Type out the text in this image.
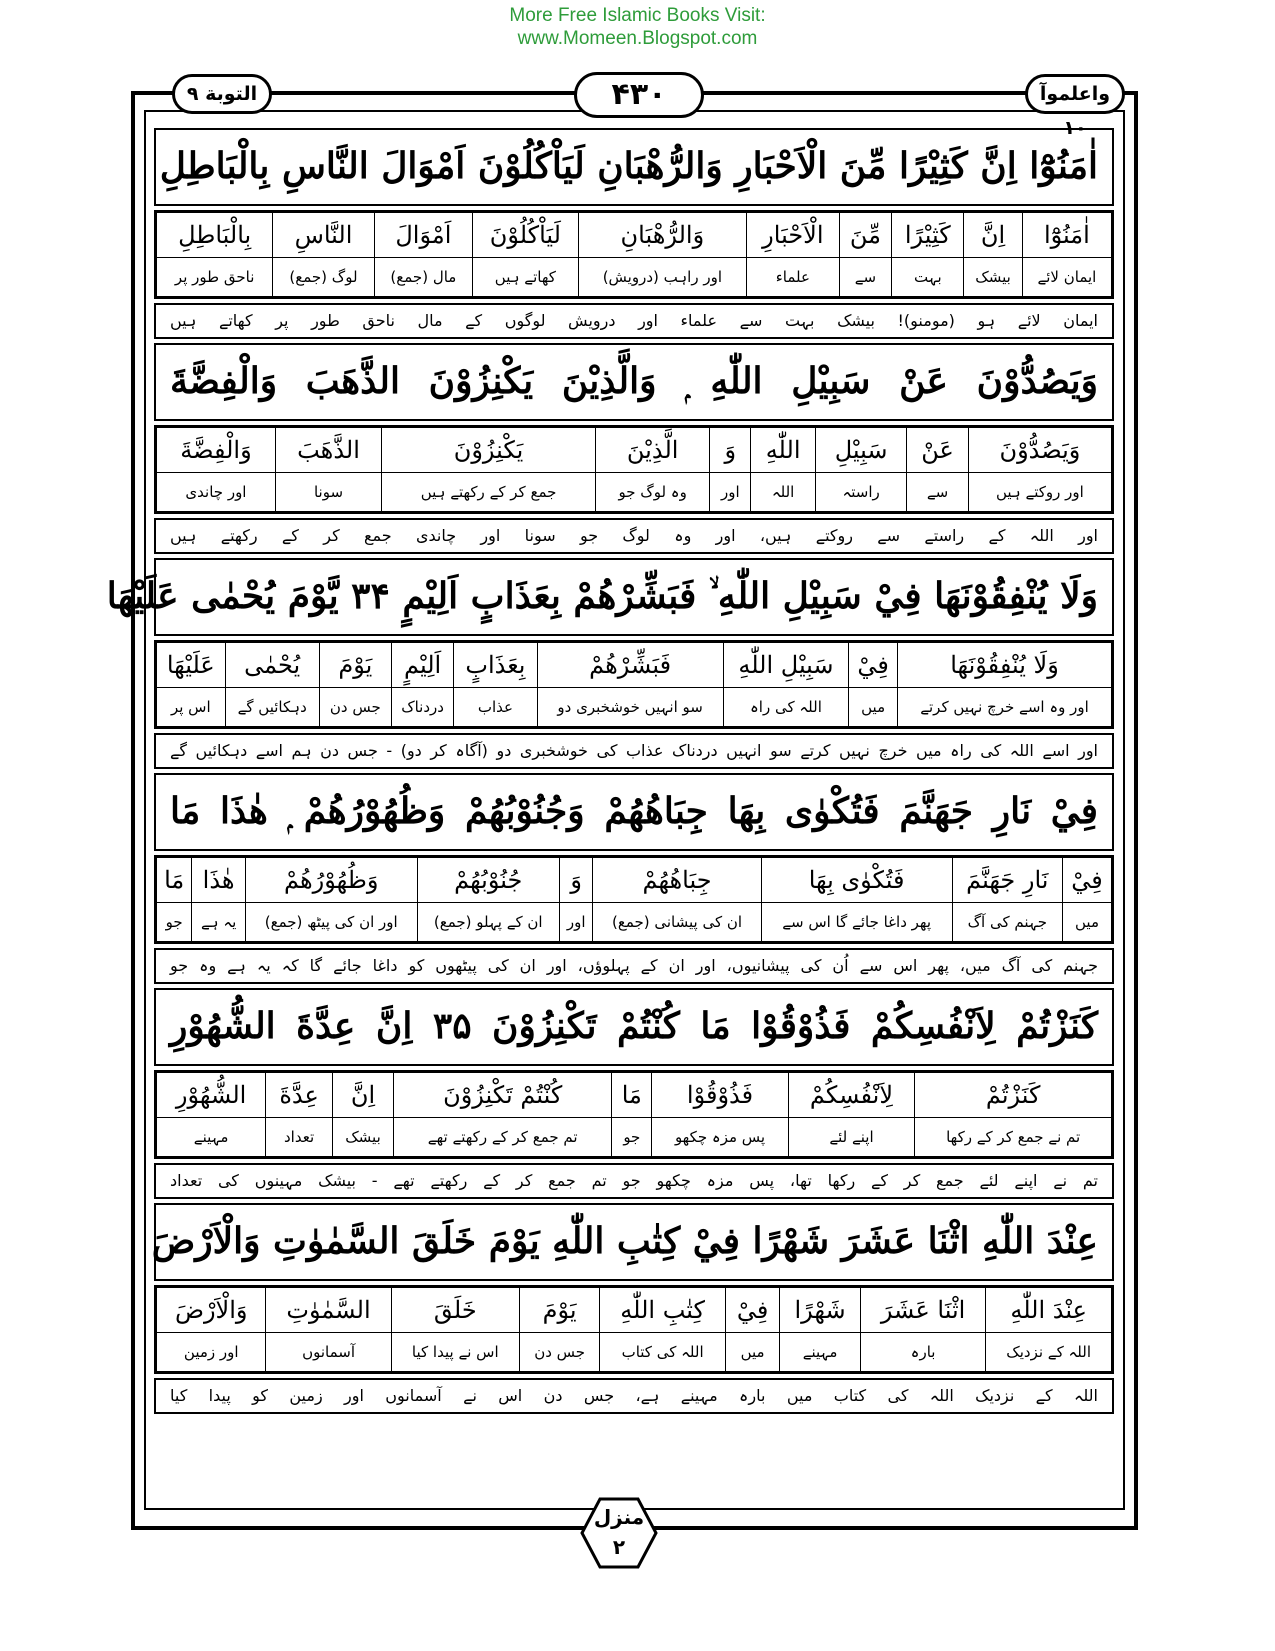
More Free Islamic Books Visit:
www.Momeen.Blogspot.com
التوبة ۹	۴۳۰	واعلموآ ۱۰
اٰمَنُوْٓا اِنَّ كَثِيْرًا مِّنَ الْاَحْبَارِ وَالرُّهْبَانِ لَيَاْكُلُوْنَ اَمْوَالَ النَّاسِ بِالْبَاطِلِ
اٰمَنُوْٓا	اِنَّ	كَثِيْرًا	مِّنَ	الْاَحْبَارِ	وَالرُّهْبَانِ	لَيَاْكُلُوْنَ	اَمْوَالَ	النَّاسِ	بِالْبَاطِلِ
ایمان لائے	بیشک	بہت	سے	علماء	اور راہب (درویش)	کھاتے ہیں	مال (جمع)	لوگ (جمع)	ناحق طور پر
ایمان لائے ہو (مومنو)! بیشک بہت سے علماء اور درویش لوگوں کے مال ناحق طور پر کھاتے ہیں
وَيَصُدُّوْنَ عَنْ سَبِيْلِ اللّٰهِ ۭ وَالَّذِيْنَ يَكْنِزُوْنَ الذَّهَبَ وَالْفِضَّةَ
وَيَصُدُّوْنَ	عَنْ	سَبِيْلِ	اللّٰهِ	وَ	الَّذِيْنَ	يَكْنِزُوْنَ	الذَّهَبَ	وَالْفِضَّةَ
اور روکتے ہیں	سے	راستہ	اللہ	اور	وہ لوگ جو	جمع کر کے رکھتے ہیں	سونا	اور چاندی
اور اللہ کے راستے سے روکتے ہیں، اور وہ لوگ جو سونا اور چاندی جمع کر کے رکھتے ہیں
وَلَا يُنْفِقُوْنَهَا فِيْ سَبِيْلِ اللّٰهِ ۙ فَبَشِّرْهُمْ بِعَذَابٍ اَلِيْمٍ ۳۴ يَّوْمَ يُحْمٰى عَلَيْهَا
وَلَا يُنْفِقُوْنَهَا	فِيْ	سَبِيْلِ اللّٰهِ	فَبَشِّرْهُمْ	بِعَذَابٍ	اَلِيْمٍ	يَوْمَ	يُحْمٰى	عَلَيْهَا
اور وہ اسے خرچ نہیں کرتے	میں	اللہ کی راہ	سو انہیں خوشخبری دو	عذاب	دردناک	جس دن	دہکائیں گے	اس پر
اور اسے اللہ کی راہ میں خرچ نہیں کرتے سو انہیں دردناک عذاب کی خوشخبری دو (آگاہ کر دو) - جس دن ہم اسے دہکائیں گے
فِيْ نَارِ جَهَنَّمَ فَتُكْوٰى بِهَا جِبَاهُهُمْ وَجُنُوْبُهُمْ وَظُهُوْرُهُمْ ۭ هٰذَا مَا
فِيْ	نَارِ جَهَنَّمَ	فَتُكْوٰى بِهَا	جِبَاهُهُمْ	وَ	جُنُوْبُهُمْ	وَظُهُوْرُهُمْ	هٰذَا	مَا
میں	جہنم کی آگ	پھر داغا جائے گا اس سے	ان کی پیشانی (جمع)	اور	ان کے پہلو (جمع)	اور ان کی پیٹھ (جمع)	یہ ہے	جو
جہنم کی آگ میں، پھر اس سے اُن کی پیشانیوں، اور ان کے پہلوؤں، اور ان کی پیٹھوں کو داغا جائے گا کہ یہ ہے وہ جو
كَنَزْتُمْ لِاَنْفُسِكُمْ فَذُوْقُوْا مَا كُنْتُمْ تَكْنِزُوْنَ ۳۵ اِنَّ عِدَّةَ الشُّهُوْرِ
كَنَزْتُمْ	لِاَنْفُسِكُمْ	فَذُوْقُوْا	مَا	كُنْتُمْ تَكْنِزُوْنَ	اِنَّ	عِدَّةَ	الشُّهُوْرِ
تم نے جمع کر کے رکھا	اپنے لئے	پس مزہ چکھو	جو	تم جمع کر کے رکھتے تھے	بیشک	تعداد	مہینے
تم نے اپنے لئے جمع کر کے رکھا تھا، پس مزہ چکھو جو تم جمع کر کے رکھتے تھے - بیشک مہینوں کی تعداد
عِنْدَ اللّٰهِ اثْنَا عَشَرَ شَهْرًا فِيْ كِتٰبِ اللّٰهِ يَوْمَ خَلَقَ السَّمٰوٰتِ وَالْاَرْضَ
عِنْدَ اللّٰهِ	اثْنَا عَشَرَ	شَهْرًا	فِيْ	كِتٰبِ اللّٰهِ	يَوْمَ	خَلَقَ	السَّمٰوٰتِ	وَالْاَرْضَ
اللہ کے نزدیک	بارہ	مہینے	میں	اللہ کی کتاب	جس دن	اس نے پیدا کیا	آسمانوں	اور زمین
اللہ کے نزدیک اللہ کی کتاب میں بارہ مہینے ہے، جس دن اس نے آسمانوں اور زمین کو پیدا کیا
منزل
۲
